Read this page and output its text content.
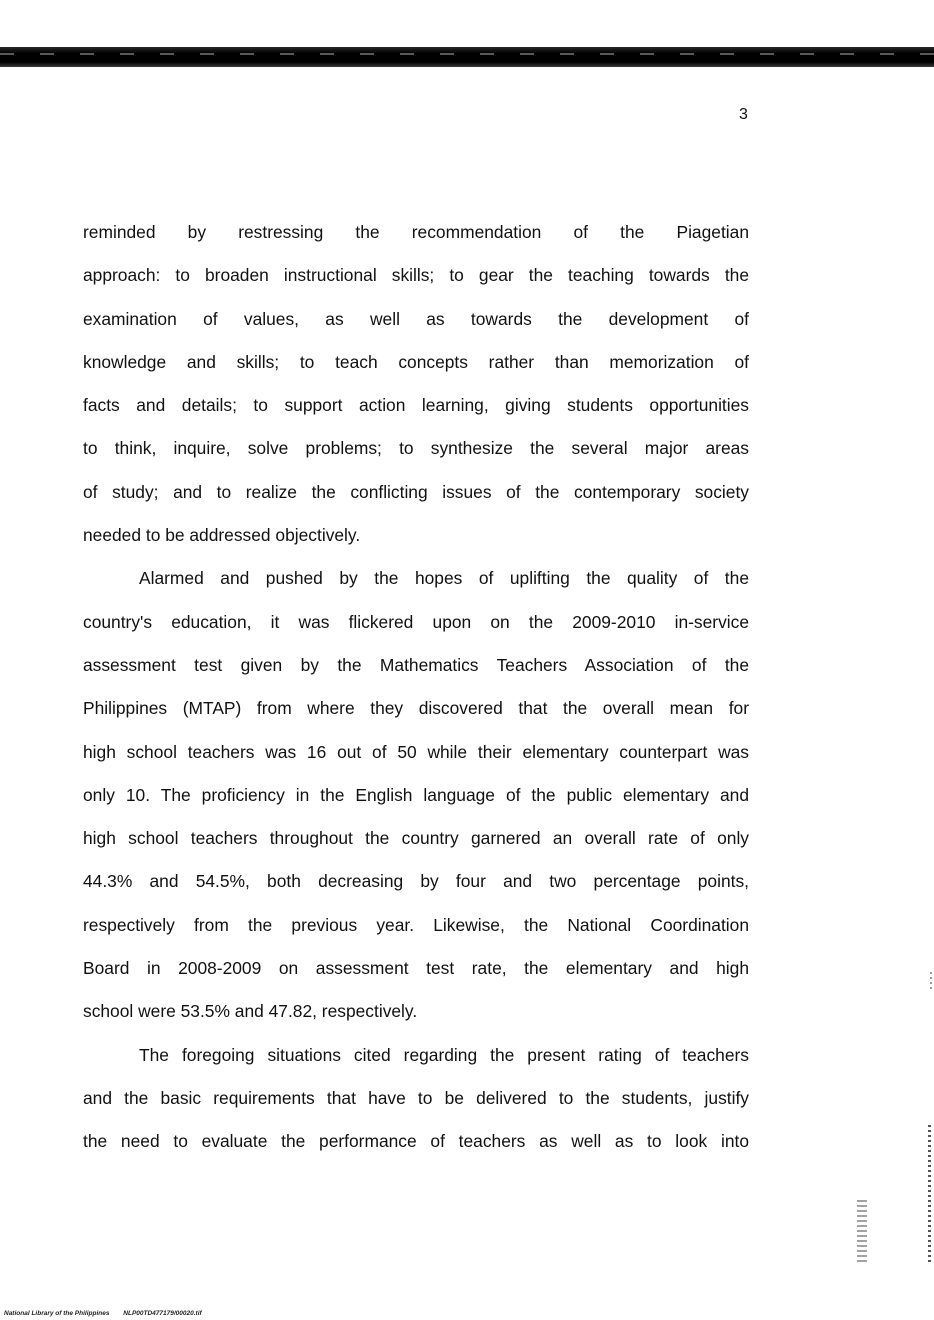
3

reminded by restressing the recommendation of the Piagetian
approach: to broaden instructional skills; to gear the teaching towards the
examination of values, as well as towards the development of
knowledge and skills; to teach concepts rather than memorization of
facts and details; to support action learning, giving students opportunities
to think, inquire, solve problems; to synthesize the several major areas
of study; and to realize the conflicting issues of the contemporary society
needed to be addressed objectively.
Alarmed and pushed by the hopes of uplifting the quality of the
country's education, it was flickered upon on the 2009-2010 in-service
assessment test given by the Mathematics Teachers Association of the
Philippines (MTAP) from where they discovered that the overall mean for
high school teachers was 16 out of 50 while their elementary counterpart was
only 10. The proficiency in the English language of the public elementary and
high school teachers throughout the country garnered an overall rate of only
44.3% and 54.5%, both decreasing by four and two percentage points,
respectively from the previous year. Likewise, the National Coordination
Board in 2008-2009 on assessment test rate, the elementary and high
school were 53.5% and 47.82, respectively.
The foregoing situations cited regarding the present rating of teachers
and the basic requirements that have to be delivered to the students, justify
the need to evaluate the performance of teachers as well as to look into

National Library of the Philippines NLP00TD477179/00020.tif
